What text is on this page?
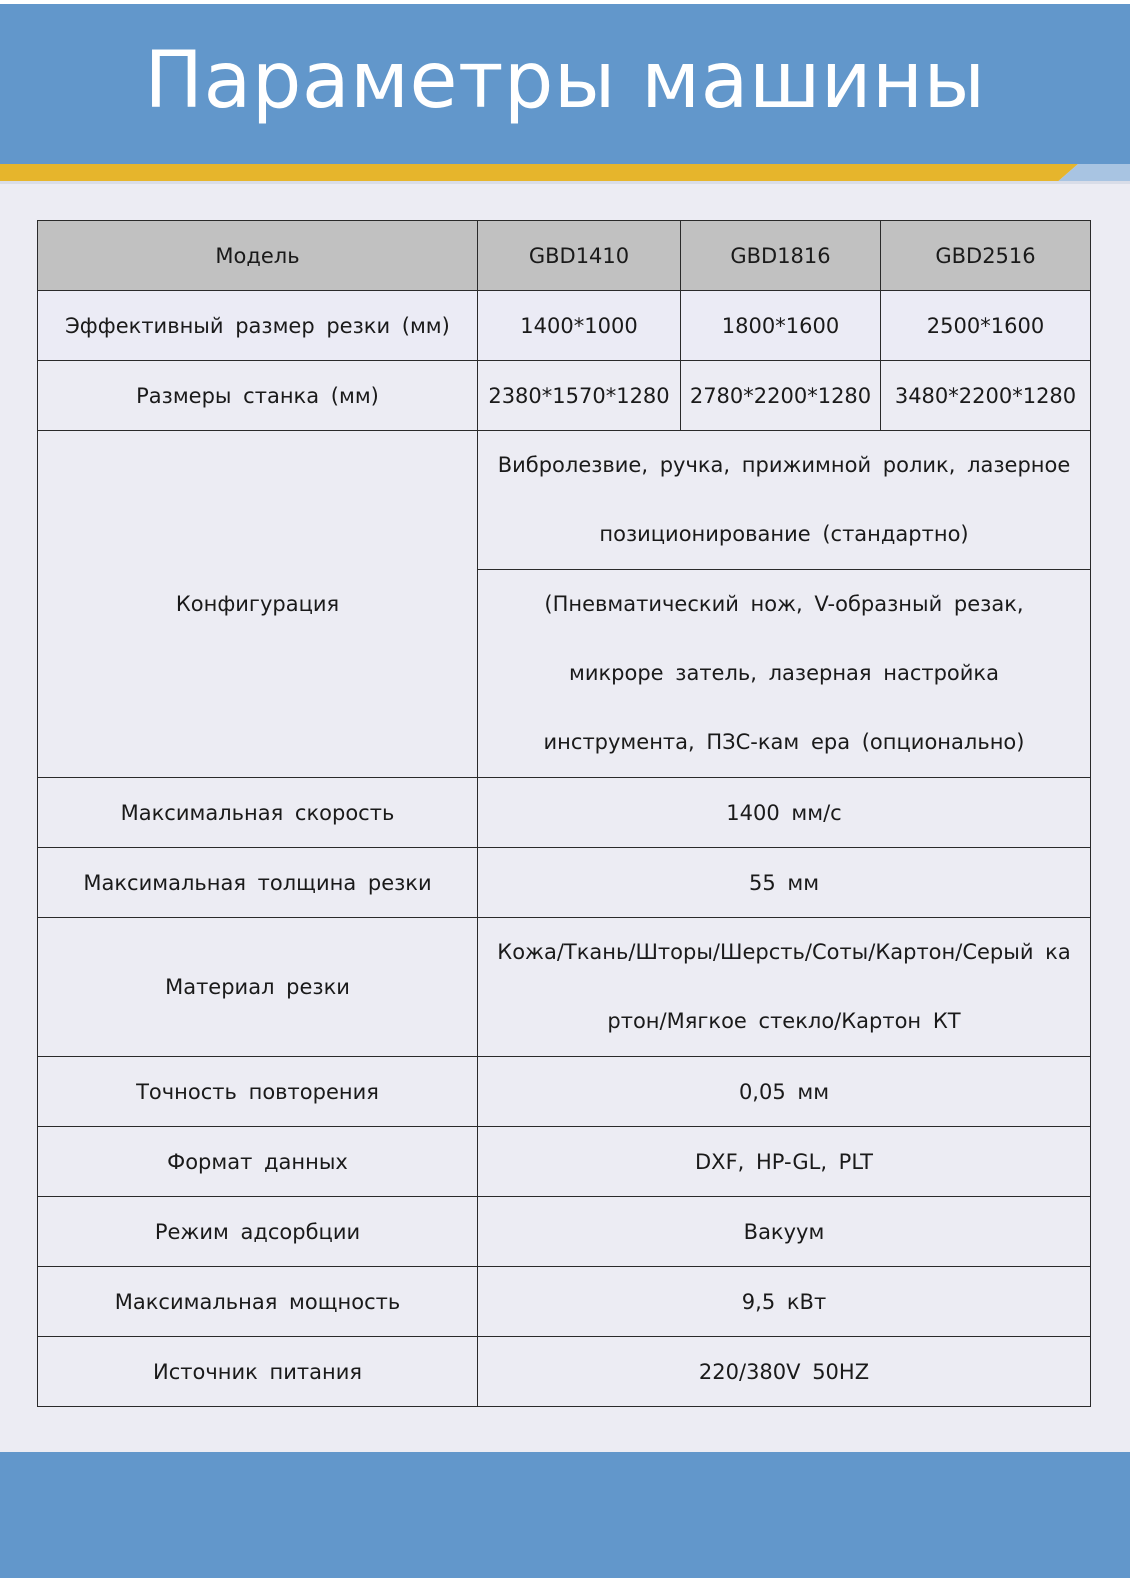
Параметры машины
Модель	GBD1410	GBD1816	GBD2516
Эффективный размер резки (мм)	1400*1000	1800*1600	2500*1600
Размеры станка (мм)	2380*1570*1280	2780*2200*1280	3480*2200*1280
Конфигурация	Вибролезвие, ручка, прижимной ролик, лазерное позиционирование (стандартно)		
	(Пневматический нож, V-образный резак, микроре затель, лазерная настройка инструмента, ПЗС-кам ера (опционально)		
Максимальная скорость	1400 мм/с		
Максимальная толщина резки	55 мм		
Материал резки	Кожа/Ткань/Шторы/Шерсть/Соты/Картон/Серый ка ртон/Мягкое стекло/Картон КТ		
Точность повторения	0,05 мм		
Формат данных	DXF, HP-GL, PLT		
Режим адсорбции	Вакуум		
Максимальная мощность	9,5 кВт		
Источник питания	220/380V 50HZ		
